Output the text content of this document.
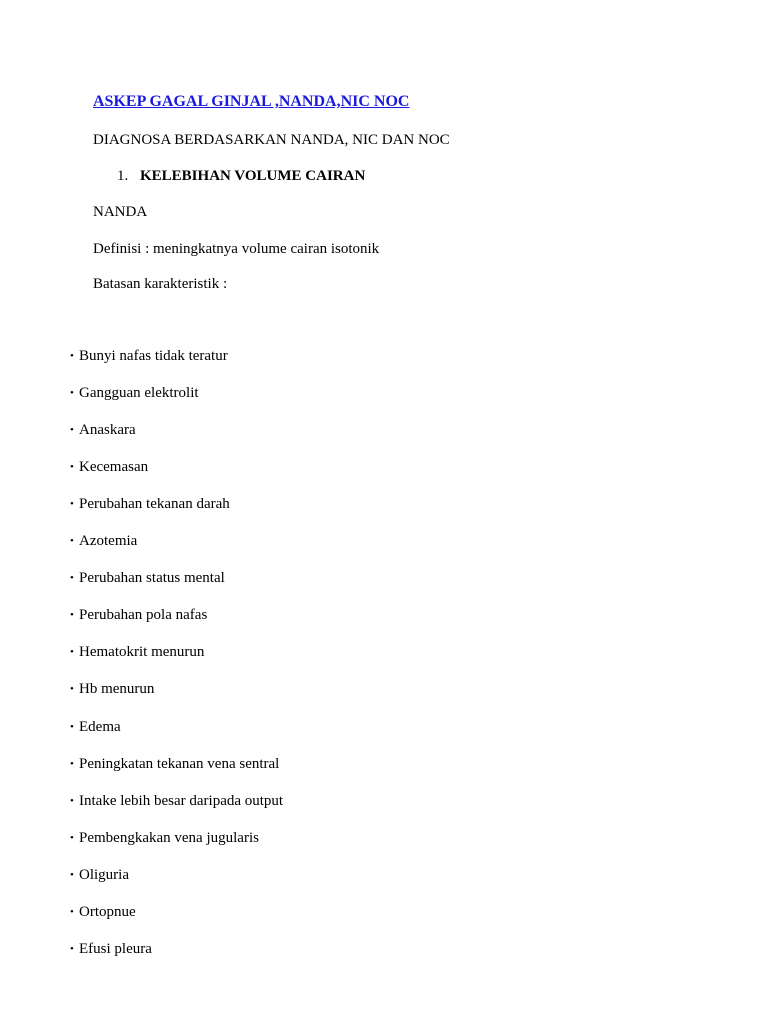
ASKEP GAGAL GINJAL ,NANDA,NIC NOC
DIAGNOSA BERDASARKAN NANDA, NIC DAN NOC
1. KELEBIHAN VOLUME CAIRAN
NANDA
Definisi : meningkatnya volume cairan isotonik
Batasan karakteristik :
• Bunyi nafas tidak teratur
• Gangguan elektrolit
• Anaskara
• Kecemasan
• Perubahan tekanan darah
• Azotemia
• Perubahan status mental
• Perubahan pola nafas
• Hematokrit menurun
• Hb menurun
• Edema
• Peningkatan tekanan vena sentral
• Intake lebih besar daripada output
• Pembengkakan vena jugularis
• Oliguria
• Ortopnue
• Efusi pleura
